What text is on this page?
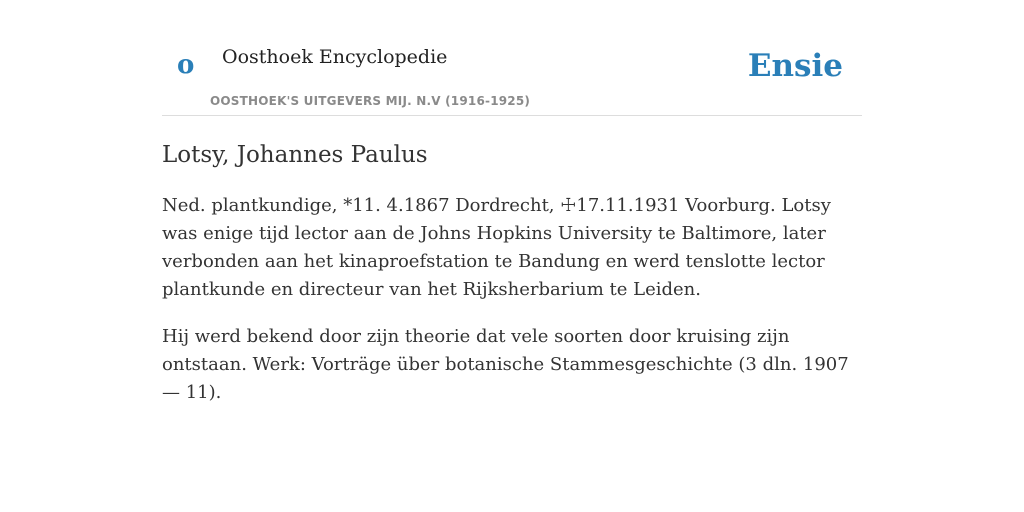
o Oosthoek Encyclopedie
OOSTHOEK'S UITGEVERS MIJ. N.V (1916-1925)
Ensie
Lotsy, Johannes Paulus

Ned. plantkundige, *11. 4.1867 Dordrecht, ☩17.11.1931 Voorburg. Lotsy was enige tijd lector aan de Johns Hopkins University te Baltimore, later verbonden aan het kinaproefstation te Bandung en werd tenslotte lector plantkunde en directeur van het Rijksherbarium te Leiden.

Hij werd bekend door zijn theorie dat vele soorten door kruising zijn ontstaan. Werk: Vorträge über botanische Stammesgeschichte (3 dln. 1907— 11).
